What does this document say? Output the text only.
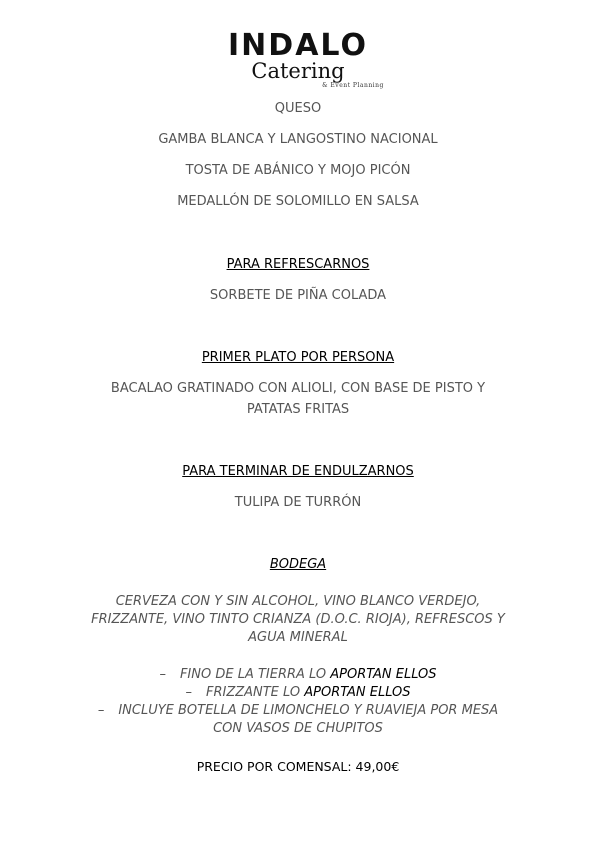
INDALO
Catering
& Event Planning
QUESO
GAMBA BLANCA Y LANGOSTINO NACIONAL
TOSTA DE ABÁNICO Y MOJO PICÓN
MEDALLÓN DE SOLOMILLO EN SALSA
PARA REFRESCARNOS
SORBETE DE PIÑA COLADA
PRIMER PLATO POR PERSONA
BACALAO GRATINADO CON ALIOLI, CON BASE DE PISTO Y
PATATAS FRITAS
PARA TERMINAR DE ENDULZARNOS
TULIPA DE TURRÓN
BODEGA
CERVEZA CON Y SIN ALCOHOL, VINO BLANCO VERDEJO,
FRIZZANTE, VINO TINTO CRIANZA (D.O.C. RIOJA), REFRESCOS Y
AGUA MINERAL
– FINO DE LA TIERRA LO APORTAN ELLOS
– FRIZZANTE LO APORTAN ELLOS
– INCLUYE BOTELLA DE LIMONCHELO Y RUAVIEJA POR MESA
CON VASOS DE CHUPITOS
PRECIO POR COMENSAL: 49,00€
